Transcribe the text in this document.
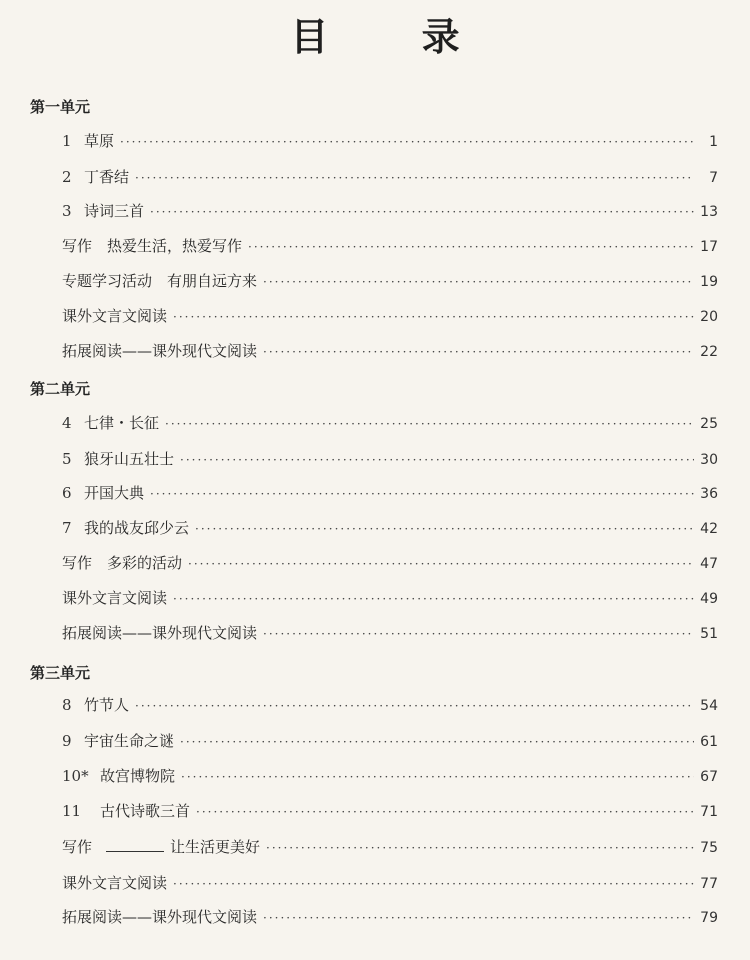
目 录
第一单元
1 草原 ·····	1
2 丁香结 ·····	7
3 诗词三首 ·····	13
写作　热爱生活，热爱写作 ·····	17
专题学习活动　有朋自远方来 ·····	19
课外文言文阅读 ·····	20
拓展阅读——课外现代文阅读 ·····	22
第二单元
4 七律・长征 ·····	25
5 狼牙山五壮士 ·····	30
6 开国大典 ·····	36
7 我的战友邱少云 ·····	42
写作　多彩的活动 ·····	47
课外文言文阅读 ·····	49
拓展阅读——课外现代文阅读 ·····	51
第三单元
8 竹节人 ·····	54
9 宇宙生命之谜 ·····	61
10* 故宫博物院 ·····	67
11	古代诗歌三首 ·····	71
写作	让生活更美好 ·····	75
课外文言文阅读 ·····	77
拓展阅读——课外现代文阅读 ·····	79
